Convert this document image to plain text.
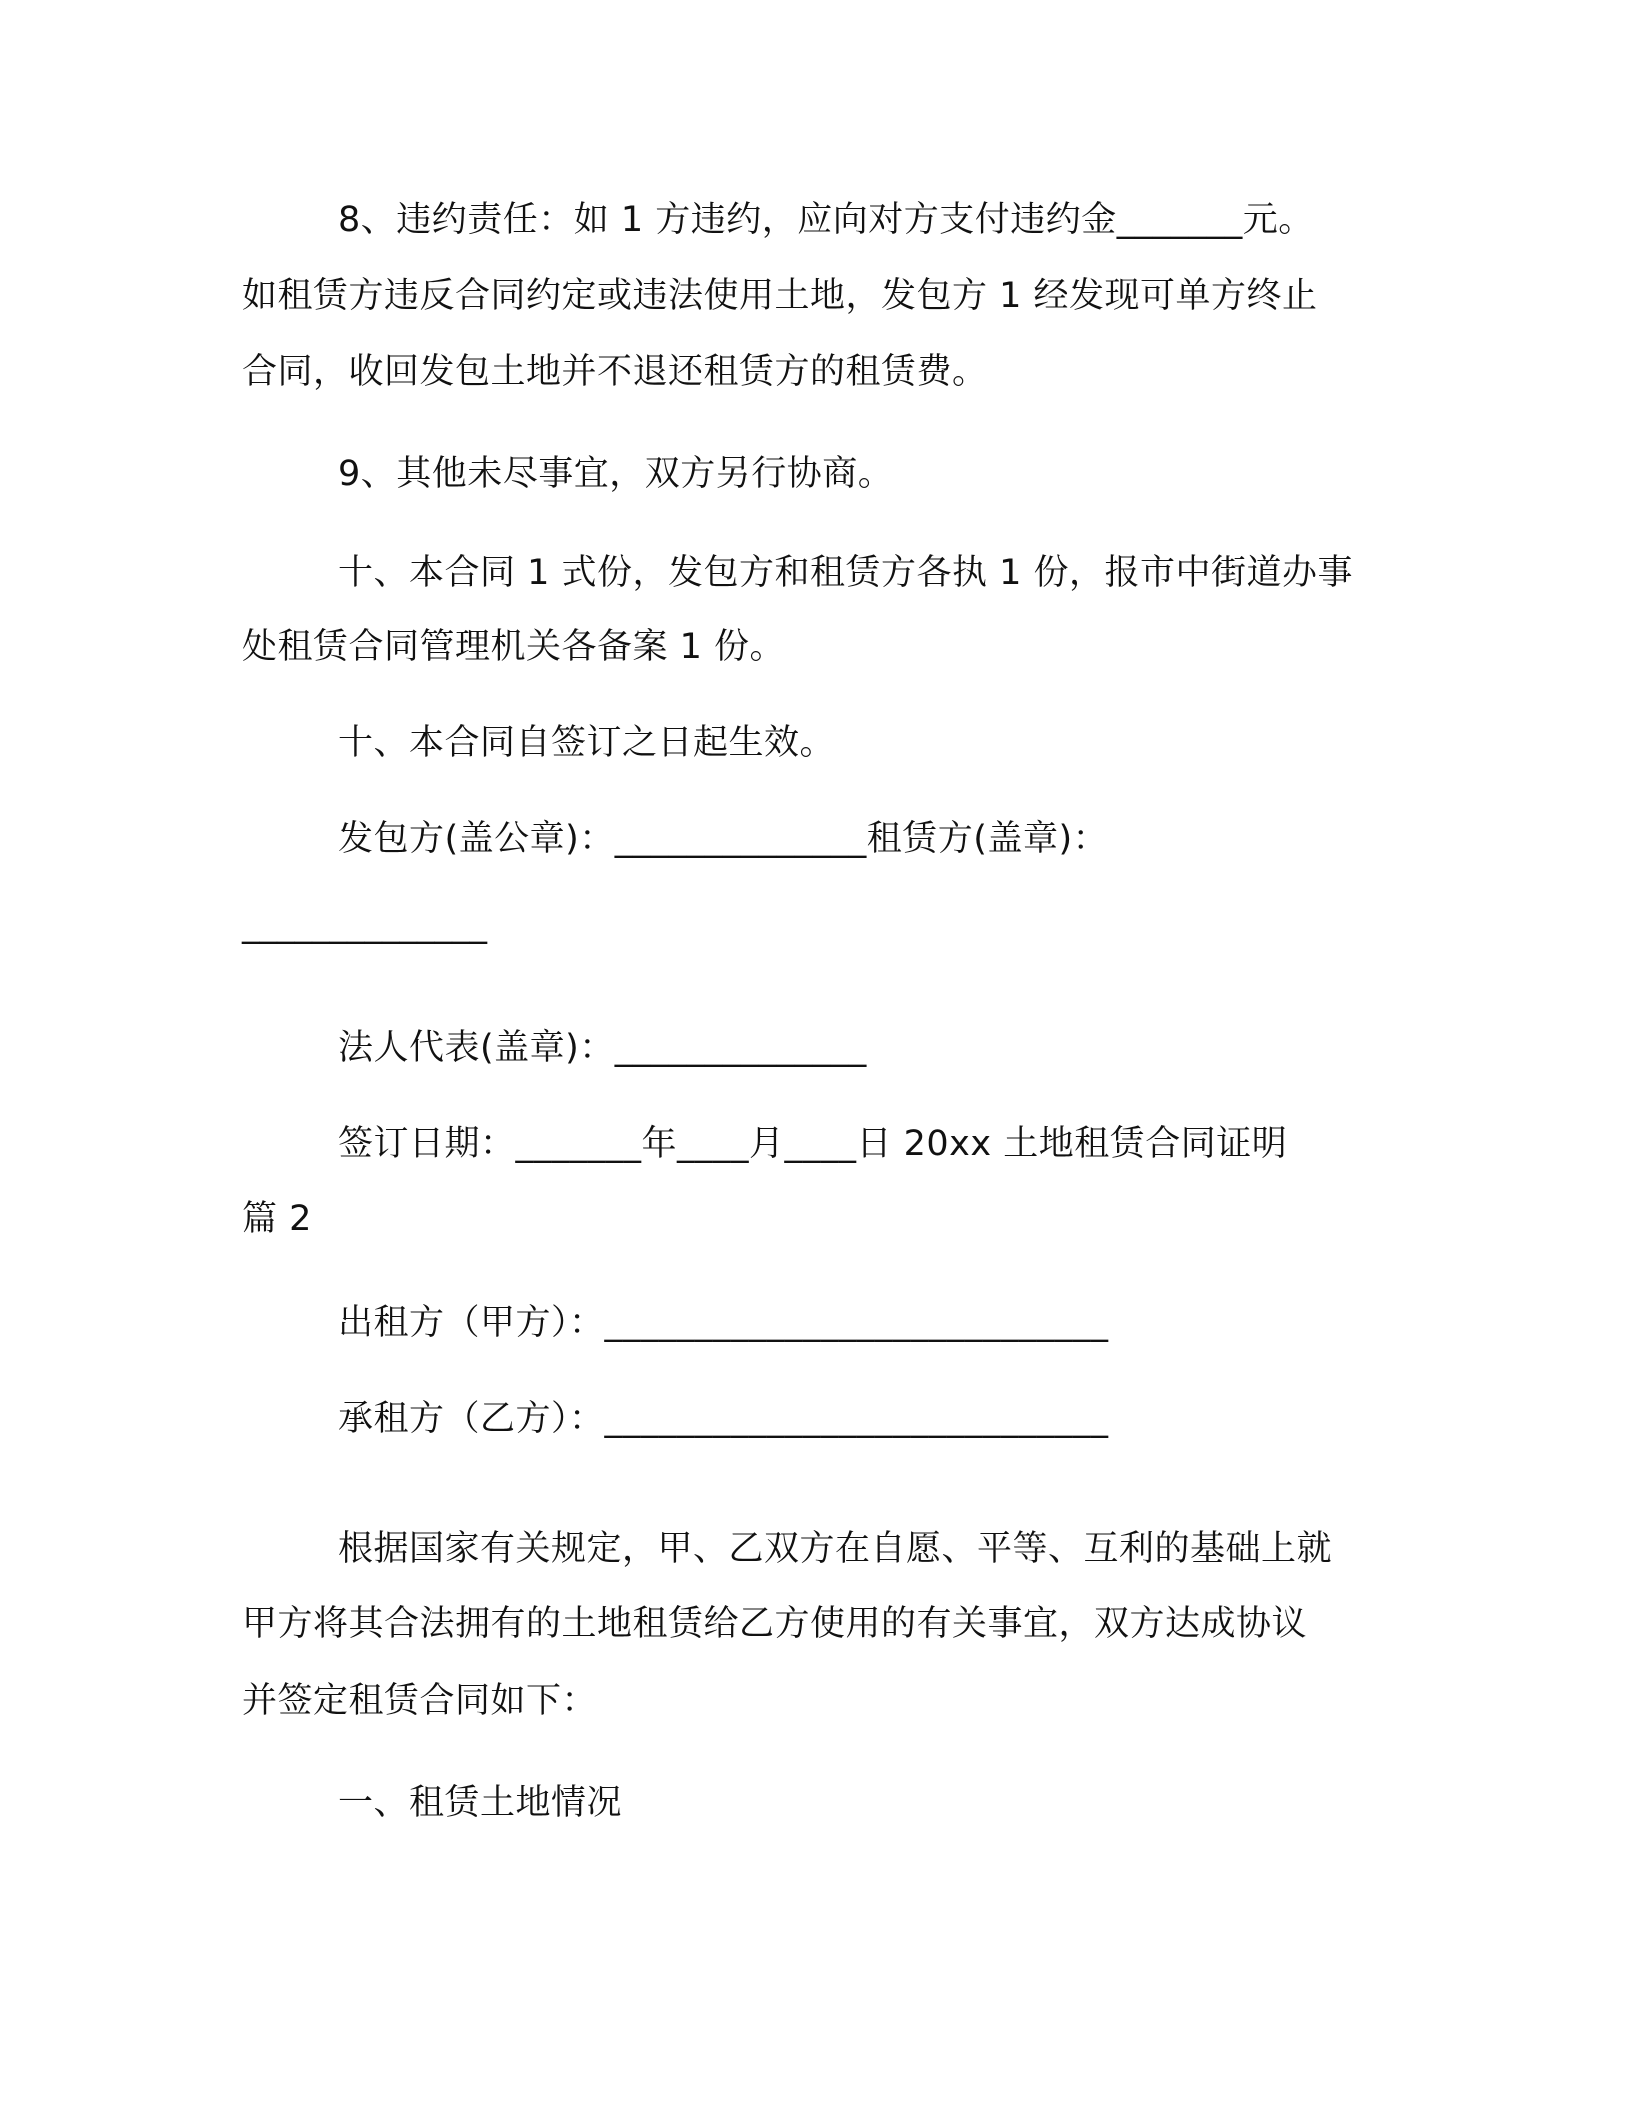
8、违约责任：如 1 方违约，应向对方支付违约金_______元。
如租赁方违反合同约定或违法使用土地，发包方 1 经发现可单方终止
合同，收回发包土地并不退还租赁方的租赁费。
9、其他未尽事宜，双方另行协商。
十、本合同 1 式份，发包方和租赁方各执 1 份，报市中街道办事
处租赁合同管理机关各备案 1 份。
十、本合同自签订之日起生效。
发包方(盖公章)：______________租赁方(盖章)：
______________
法人代表(盖章)：______________
签订日期：_______年____月____日 20xx 土地租赁合同证明
篇 2
出租方（甲方）：____________________________
承租方（乙方）：____________________________
根据国家有关规定，甲、乙双方在自愿、平等、互利的基础上就
甲方将其合法拥有的土地租赁给乙方使用的有关事宜，双方达成协议
并签定租赁合同如下：
一、租赁土地情况
